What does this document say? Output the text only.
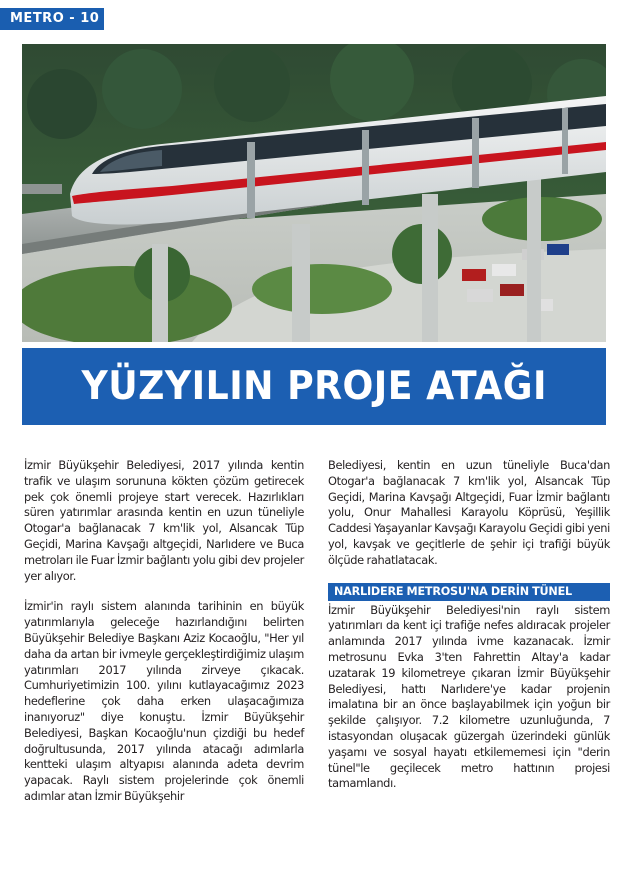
METRO - 10
YÜZYILIN PROJE ATAĞI

İzmir Büyükşehir Belediyesi, 2017 yılında kentin trafik ve ulaşım sorununa kökten çözüm getirecek pek çok önemli projeye start verecek. Hazırlıkları süren yatırımlar arasında kentin en uzun tüneliyle Otogar'a bağlanacak 7 km'lik yol, Alsancak Tüp Geçidi, Marina Kavşağı altgeçidi, Narlıdere ve Buca metroları ile Fuar İzmir bağlantı yolu gibi dev projeler yer alıyor.

İzmir'in raylı sistem alanında tarihinin en büyük yatırımlarıyla geleceğe hazırlandığını belirten Büyükşehir Belediye Başkanı Aziz Kocaoğlu, "Her yıl daha da artan bir ivmeyle gerçekleştirdiğimiz ulaşım yatırımları 2017 yılında zirveye çıkacak. Cumhuriyetimizin 100. yılını kutlayacağımız 2023 hedeflerine çok daha erken ulaşacağımıza inanıyoruz" diye konuştu. İzmir Büyükşehir Belediyesi, Başkan Kocaoğlu'nun çizdiği bu hedef doğrultusunda, 2017 yılında atacağı adımlarla kentteki ulaşım altyapısı alanında adeta devrim yapacak. Raylı sistem projelerinde çok önemli adımlar atan İzmir Büyükşehir

Belediyesi, kentin en uzun tüneliyle Buca'dan Otogar'a bağlanacak 7 km'lik yol, Alsancak Tüp Geçidi, Marina Kavşağı Altgeçidi, Fuar İzmir bağlantı yolu, Onur Mahallesi Karayolu Köprüsü, Yeşillik Caddesi Yaşayanlar Kavşağı Karayolu Geçidi gibi yeni yol, kavşak ve geçitlerle de şehir içi trafiği büyük ölçüde rahatlatacak.

NARLIDERE METROSU'NA DERİN TÜNEL

İzmir Büyükşehir Belediyesi'nin raylı sistem yatırımları da kent içi trafiğe nefes aldıracak projeler anlamında 2017 yılında ivme kazanacak. İzmir metrosunu Evka 3'ten Fahrettin Altay'a kadar uzatarak 19 kilometreye çıkaran İzmir Büyükşehir Belediyesi, hattı Narlıdere'ye kadar projenin imalatına bir an önce başlayabilmek için yoğun bir şekilde çalışıyor. 7.2 kilometre uzunluğunda, 7 istasyondan oluşacak güzergah üzerindeki günlük yaşamı ve sosyal hayatı etkilememesi için "derin tünel"le geçilecek metro hattının projesi tamamlandı.
